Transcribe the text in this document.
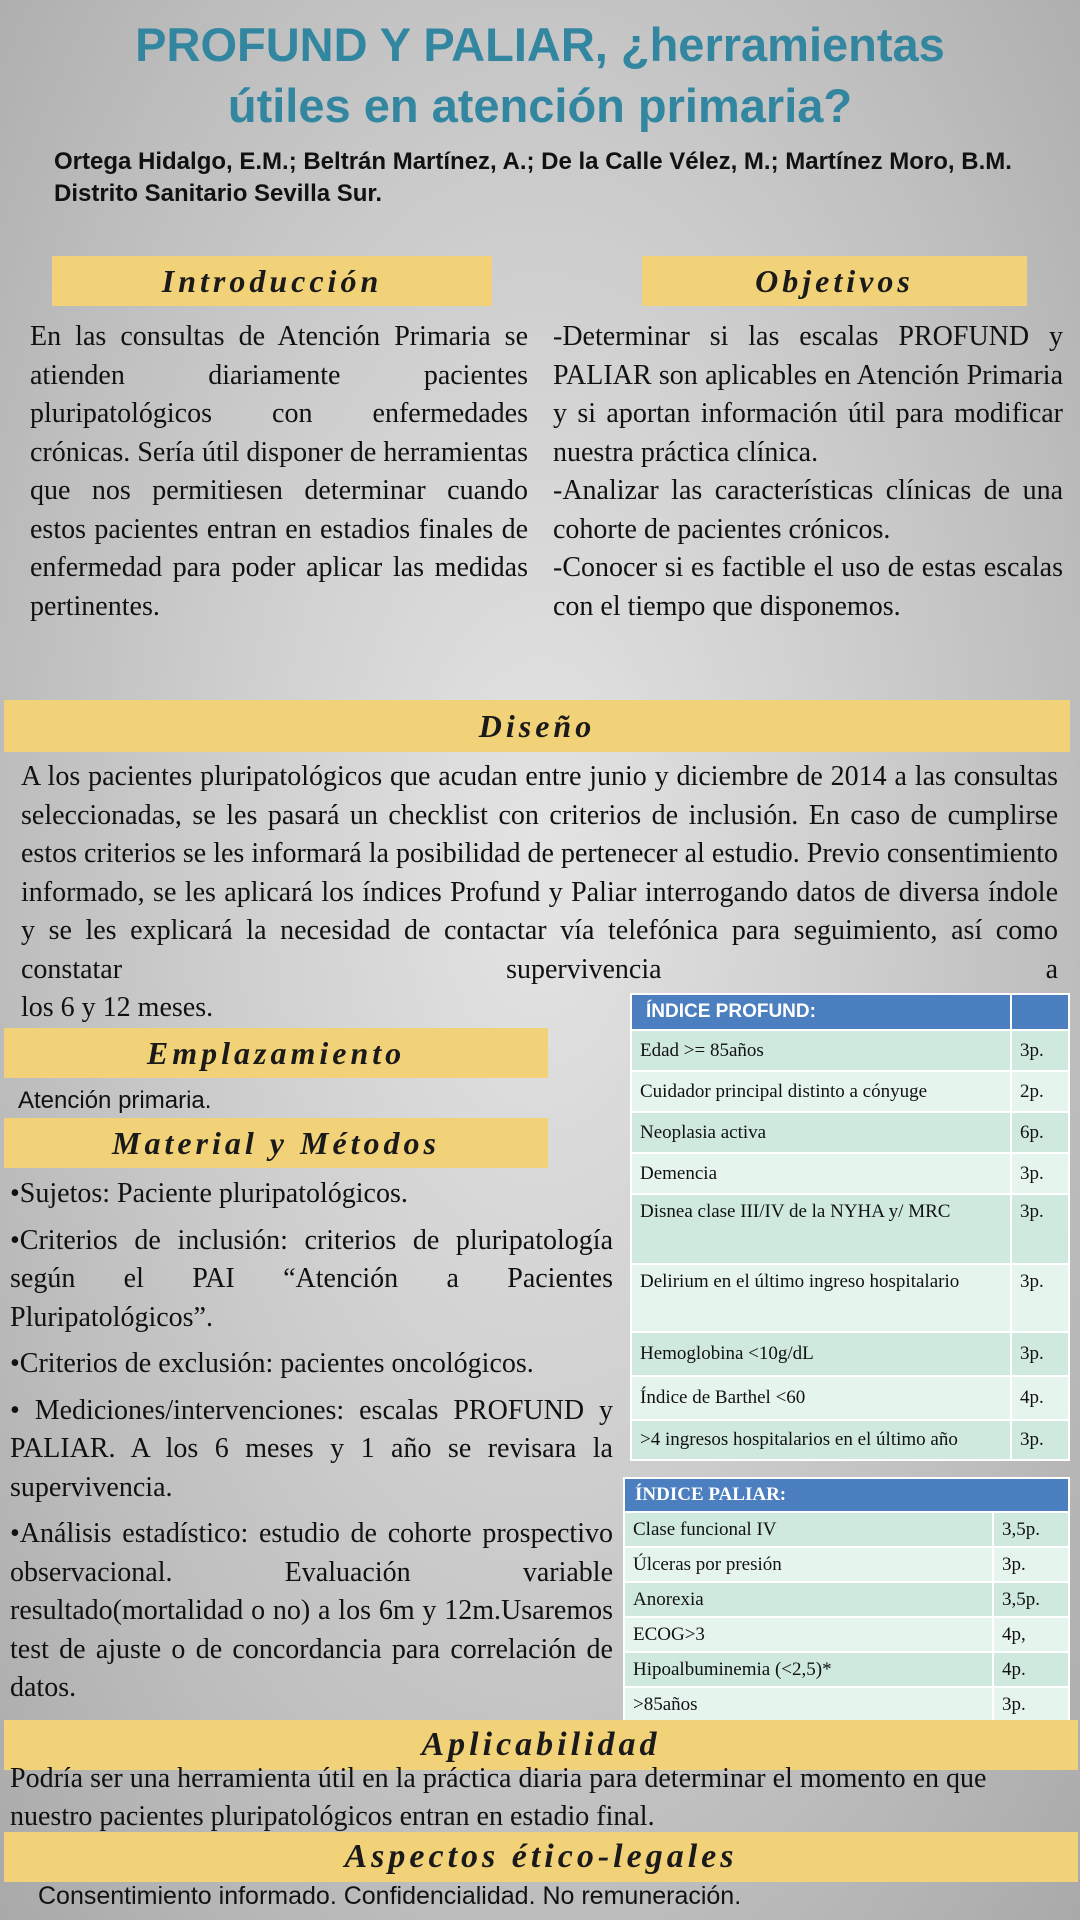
PROFUND Y PALIAR, ¿herramientas
útiles en atención primaria?
Ortega Hidalgo, E.M.; Beltrán Martínez, A.; De la Calle Vélez, M.; Martínez Moro, B.M.
Distrito Sanitario Sevilla Sur.
Introducción
En las consultas de Atención Primaria se atienden diariamente pacientes pluripatológicos con enfermedades crónicas. Sería útil disponer de herramientas que nos permitiesen determinar cuando estos pacientes entran en estadios finales de enfermedad para poder aplicar las medidas pertinentes.
Objetivos
-Determinar si las escalas PROFUND y PALIAR son aplicables en Atención Primaria y si aportan información útil para modificar nuestra práctica clínica.
-Analizar las características clínicas de una cohorte de pacientes crónicos.
-Conocer si es factible el uso de estas escalas con el tiempo que disponemos.
Diseño
A los pacientes pluripatológicos que acudan entre junio y diciembre de 2014 a las consultas seleccionadas, se les pasará un checklist con criterios de inclusión. En caso de cumplirse estos criterios se les informará la posibilidad de pertenecer al estudio. Previo consentimiento informado, se les aplicará los índices Profund y Paliar interrogando datos de diversa índole y se les explicará la necesidad de contactar vía telefónica para seguimiento, así como constatar supervivencia a
los 6 y 12 meses.
Emplazamiento
Atención primaria.
Material y Métodos

•Sujetos: Paciente pluripatológicos.

•Criterios de inclusión: criterios de pluripatología según el PAI “Atención a Pacientes Pluripatológicos”.

•Criterios de exclusión: pacientes oncológicos.

• Mediciones/intervenciones: escalas PROFUND y PALIAR. A los 6 meses y 1 año se revisara la supervivencia.

•Análisis estadístico: estudio de cohorte prospectivo observacional. Evaluación variable resultado(mortalidad o no) a los 6m y 12m.Usaremos test de ajuste o de concordancia para correlación de datos.

ÍNDICE PROFUND:	
Edad >= 85años	3p.
Cuidador principal distinto a cónyuge	2p.
Neoplasia activa	6p.
Demencia	3p.
Disnea clase III/IV de la NYHA y/ MRC	3p.
Delirium en el último ingreso hospitalario	3p.
Hemoglobina <10g/dL	3p.
Índice de Barthel <60	4p.
>4 ingresos hospitalarios en el último año	3p.
ÍNDICE PALIAR:	
Clase funcional IV	3,5p.
Úlceras por presión	3p.
Anorexia	3,5p.
ECOG>3	4p,
Hipoalbuminemia (<2,5)*	4p.
>85años	3p.
Aplicabilidad
Podría ser una herramienta útil en la práctica diaria para determinar el momento en que nuestro pacientes pluripatológicos entran en estadio final.
Aspectos ético-legales
Consentimiento informado. Confidencialidad. No remuneración.
